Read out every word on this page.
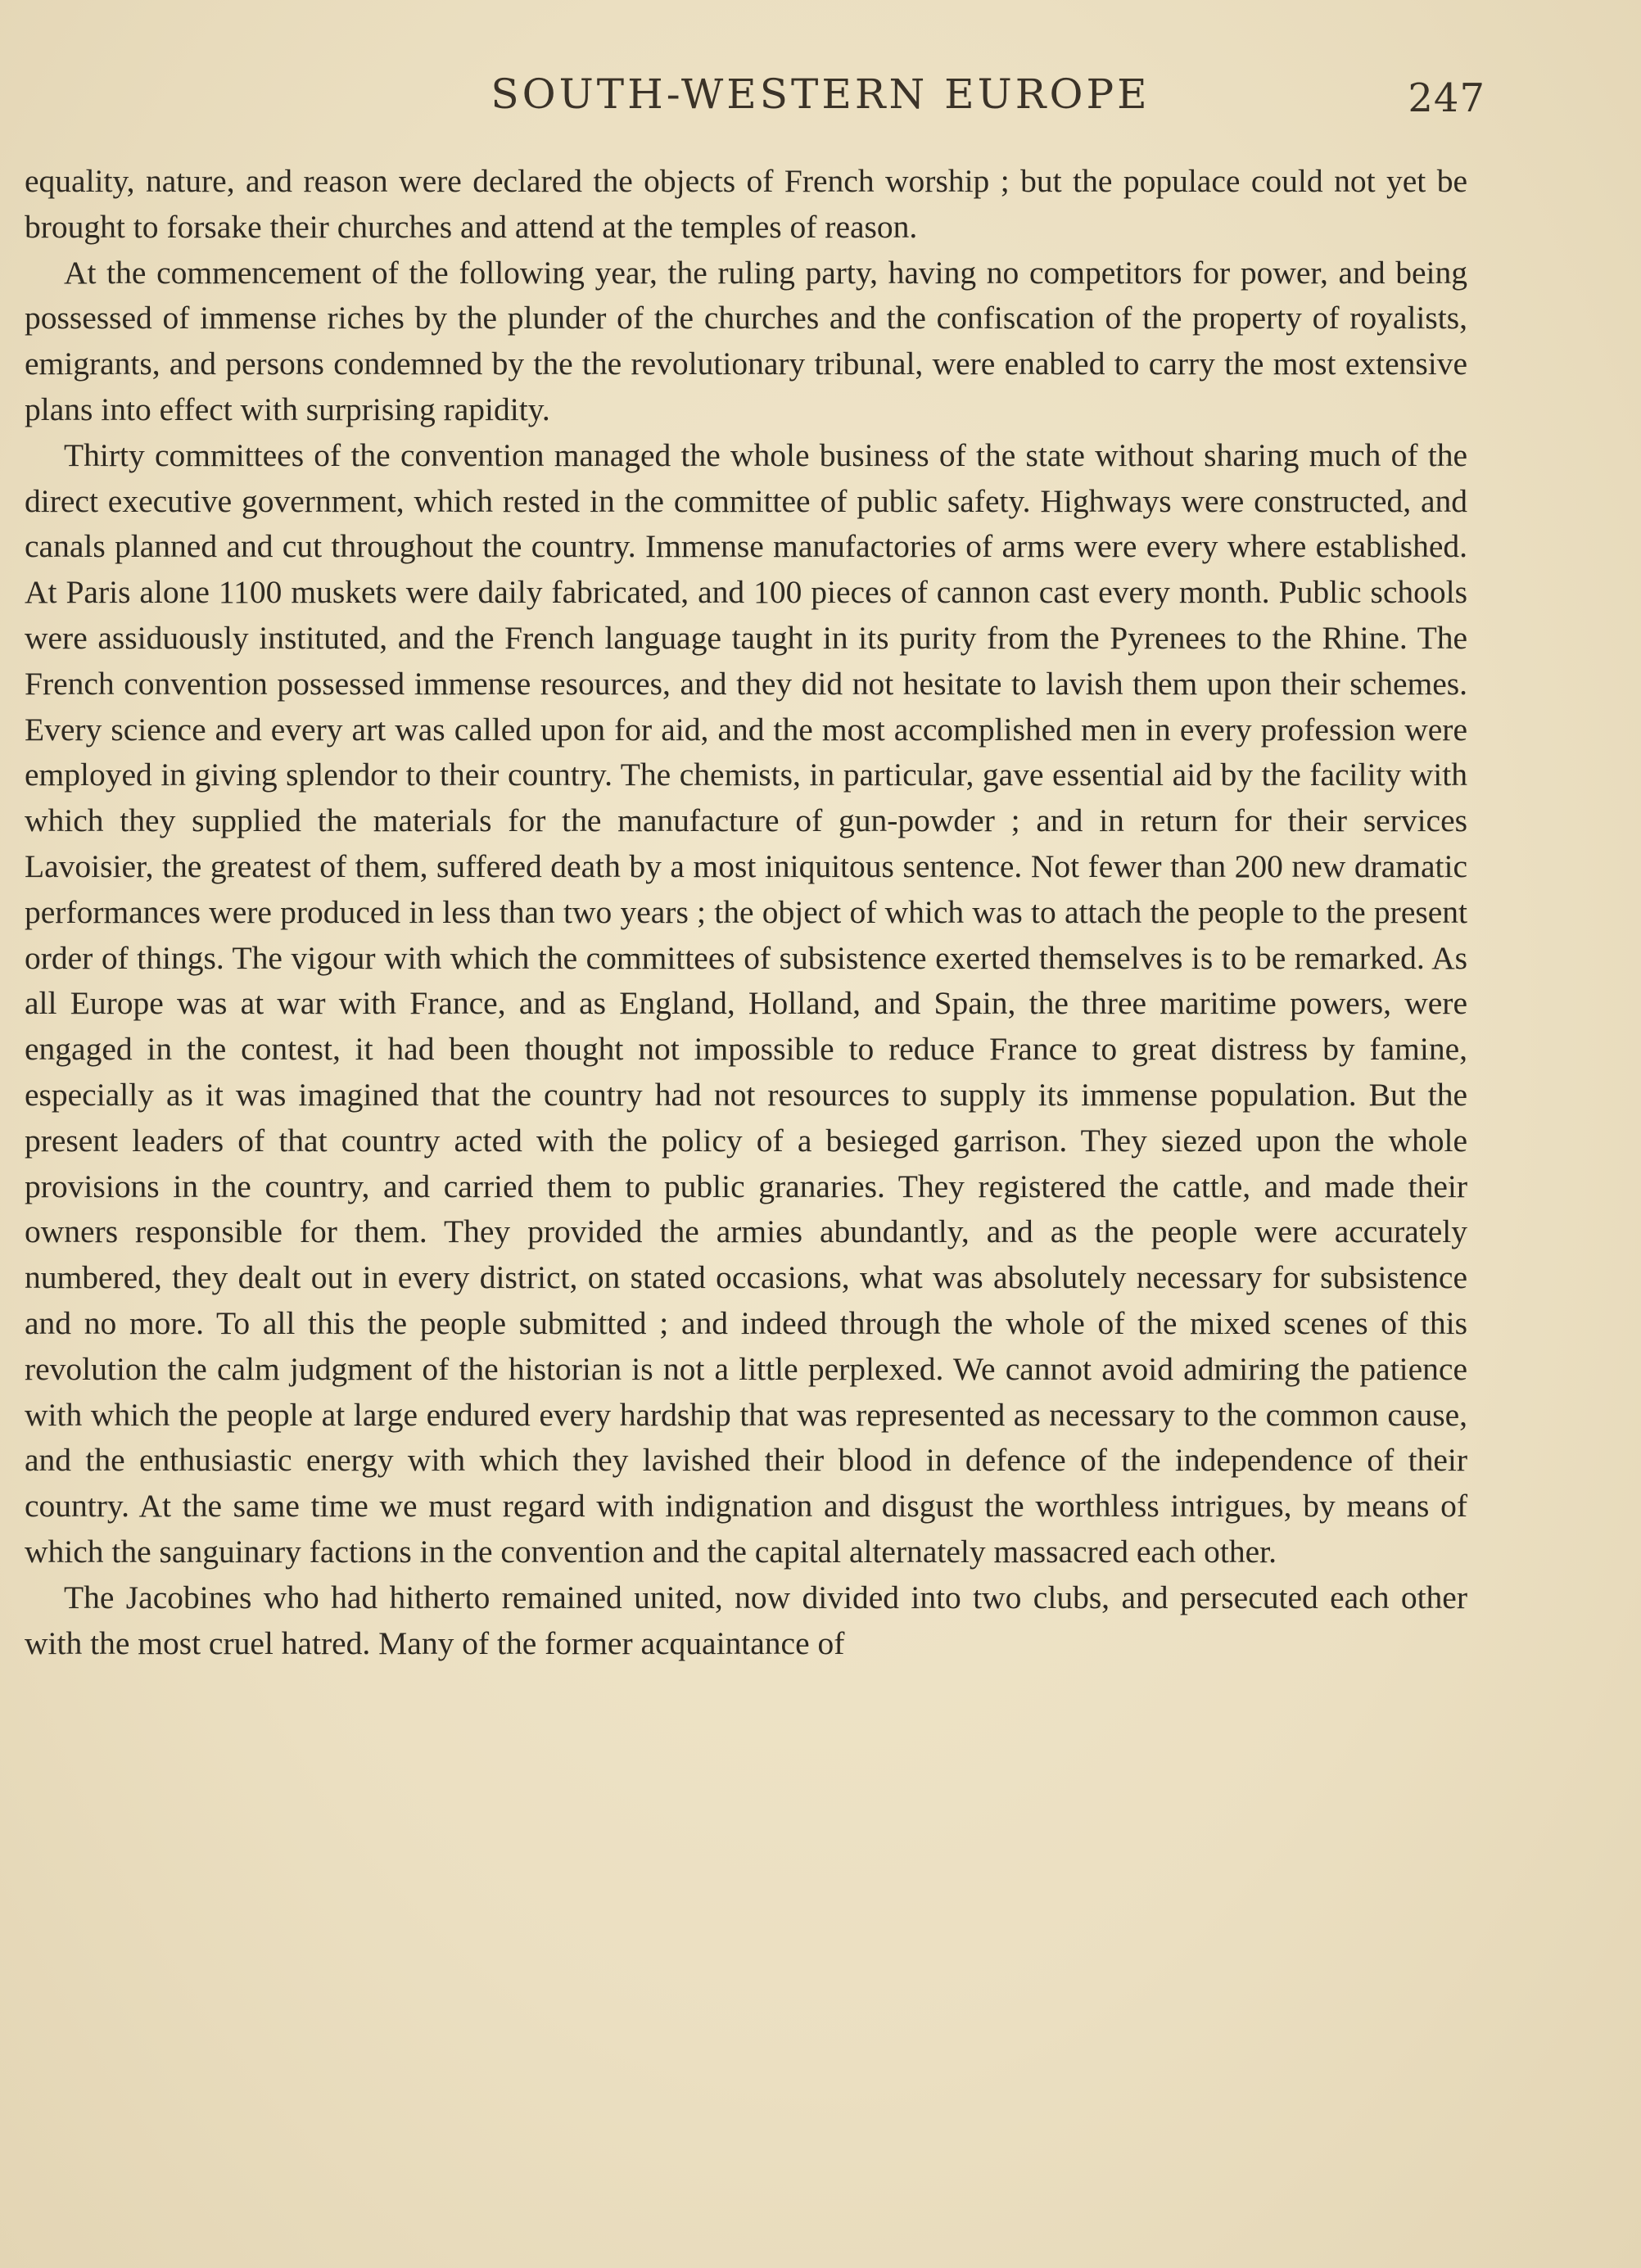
SOUTH-WESTERN EUROPE	247

equality, nature, and reason were declared the objects of French worship ; but the populace could not yet be brought to forsake their churches and attend at the temples of reason.

At the commencement of the following year, the ruling party, having no competitors for power, and being possessed of immense riches by the plunder of the churches and the confiscation of the property of royalists, emigrants, and persons condemned by the the revolutionary tribunal, were enabled to carry the most extensive plans into effect with surprising rapidity.

Thirty committees of the convention managed the whole business of the state without sharing much of the direct executive government, which rested in the committee of public safety. Highways were constructed, and canals planned and cut throughout the country. Immense manufactories of arms were every where established. At Paris alone 1100 muskets were daily fabricated, and 100 pieces of cannon cast every month. Public schools were assiduously instituted, and the French language taught in its purity from the Pyrenees to the Rhine. The French convention possessed immense resources, and they did not hesitate to lavish them upon their schemes. Every science and every art was called upon for aid, and the most accomplished men in every profession were employed in giving splendor to their country. The chemists, in particular, gave essential aid by the facility with which they supplied the materials for the manufacture of gun-powder ; and in return for their services Lavoisier, the greatest of them, suffered death by a most iniquitous sentence. Not fewer than 200 new dramatic performances were produced in less than two years ; the object of which was to attach the people to the present order of things. The vigour with which the committees of subsistence exerted themselves is to be remarked. As all Europe was at war with France, and as England, Holland, and Spain, the three maritime powers, were engaged in the contest, it had been thought not impossible to reduce France to great distress by famine, especially as it was imagined that the country had not resources to supply its immense population. But the present leaders of that country acted with the policy of a besieged garrison. They siezed upon the whole provisions in the country, and carried them to public granaries. They registered the cattle, and made their owners responsible for them. They provided the armies abundantly, and as the people were accurately numbered, they dealt out in every district, on stated occasions, what was absolutely necessary for subsistence and no more. To all this the people submitted ; and indeed through the whole of the mixed scenes of this revolution the calm judgment of the historian is not a little perplexed. We cannot avoid admiring the patience with which the people at large endured every hardship that was represented as necessary to the common cause, and the enthusiastic energy with which they lavished their blood in defence of the independence of their country. At the same time we must regard with indignation and disgust the worthless intrigues, by means of which the sanguinary factions in the convention and the capital alternately massacred each other.

The Jacobines who had hitherto remained united, now divided into two clubs, and persecuted each other with the most cruel hatred. Many of the former acquaintance of
